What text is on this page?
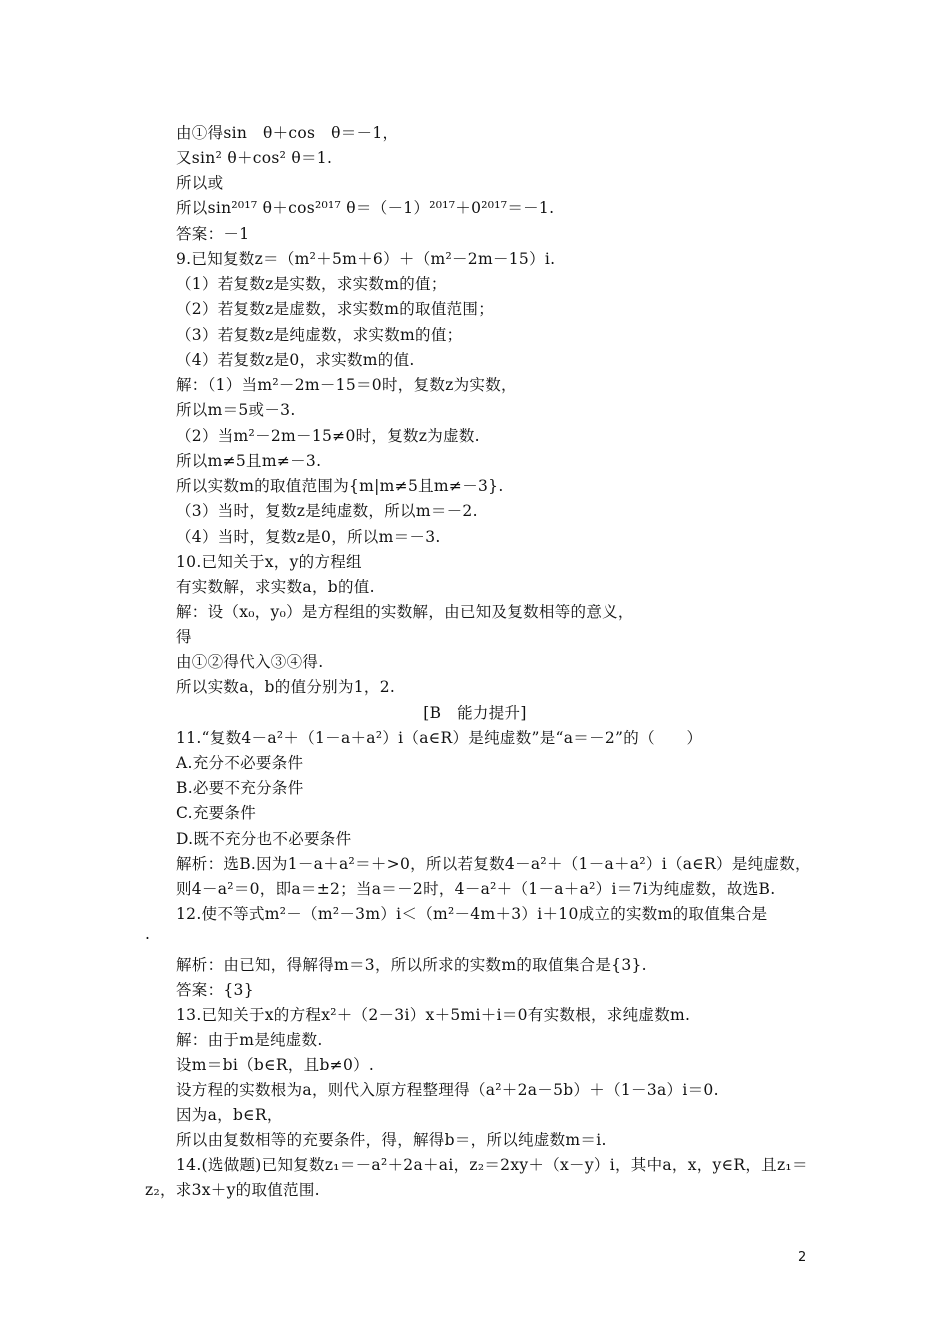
由①得sin　θ＋cos　θ＝－1，
又sin² θ＋cos² θ＝1.
所以或
所以sin²⁰¹⁷ θ＋cos²⁰¹⁷ θ＝（－1）²⁰¹⁷＋0²⁰¹⁷＝－1.
答案：－1
9.已知复数z＝（m²＋5m＋6）＋（m²－2m－15）i.
（1）若复数z是实数，求实数m的值；
（2）若复数z是虚数，求实数m的取值范围；
（3）若复数z是纯虚数，求实数m的值；
（4）若复数z是0，求实数m的值.
解：（1）当m²－2m－15＝0时，复数z为实数，
所以m＝5或－3.
（2）当m²－2m－15≠0时，复数z为虚数.
所以m≠5且m≠－3.
所以实数m的取值范围为{m|m≠5且m≠－3}.
（3）当时，复数z是纯虚数，所以m＝－2.
（4）当时，复数z是0，所以m＝－3.
10.已知关于x，y的方程组
有实数解，求实数a，b的值.
解：设（x₀，y₀）是方程组的实数解，由已知及复数相等的意义，
得
由①②得代入③④得.
所以实数a，b的值分别为1，2.
[B　能力提升]
11.“复数4－a²＋（1－a＋a²）i（a∈R）是纯虚数”是“a＝－2”的（　　）
A.充分不必要条件
B.必要不充分条件
C.充要条件
D.既不充分也不必要条件
解析：选B.因为1－a＋a²＝＋>0，所以若复数4－a²＋（1－a＋a²）i（a∈R）是纯虚数，
则4－a²＝0，即a＝±2；当a＝－2时，4－a²＋（1－a＋a²）i＝7i为纯虚数，故选B.
12.使不等式m²－（m²－3m）i＜（m²－4m＋3）i＋10成立的实数m的取值集合是
.
解析：由已知，得解得m＝3，所以所求的实数m的取值集合是{3}.
答案：{3}
13.已知关于x的方程x²＋（2－3i）x＋5mi＋i＝0有实数根，求纯虚数m.
解：由于m是纯虚数.
设m＝bi（b∈R，且b≠0）.
设方程的实数根为a，则代入原方程整理得（a²＋2a－5b）＋（1－3a）i＝0.
因为a，b∈R，
所以由复数相等的充要条件，得，解得b＝，所以纯虚数m＝i.
14.(选做题)已知复数z₁＝－a²＋2a＋ai，z₂＝2xy＋（x－y）i，其中a，x，y∈R，且z₁＝
z₂，求3x＋y的取值范围.
2
